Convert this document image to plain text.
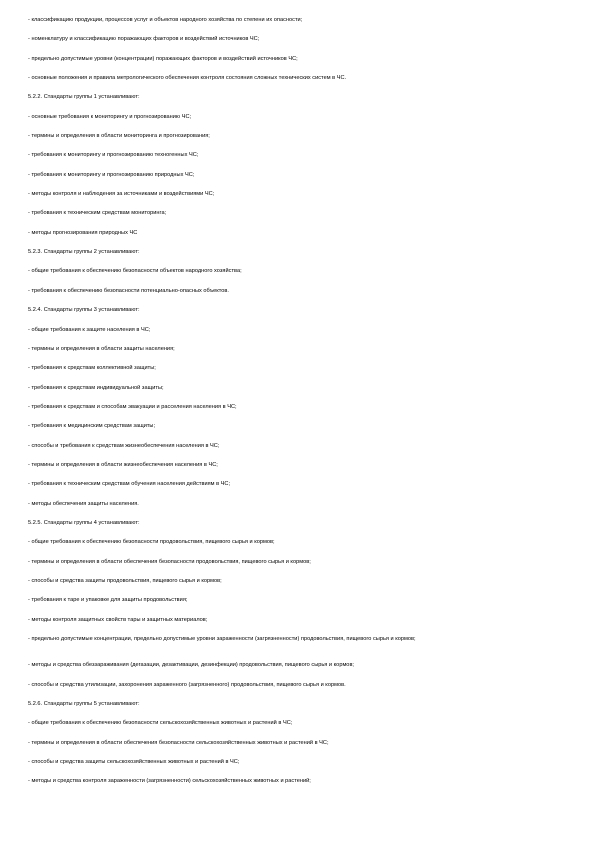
- классификацию продукции, процессов услуг и объектов народного хозяйства по степени их опасности;
- номенклатуру и классификацию поражающих факторов и воздействий источников ЧС;
- предельно допустимые уровни (концентрации) поражающих факторов и воздействий источников ЧС;
- основные положения и правила метрологического обеспечения контроля состояния сложных технических систем в ЧС.
5.2.2. Стандарты группы 1 устанавливают:
- основные требования к мониторингу и прогнозированию ЧС;
- термины и определения в области мониторинга и прогнозирования;
- требования к мониторингу и прогнозированию техногенных ЧС;
- требования к мониторингу и прогнозированию природных ЧС;
- методы контроля и наблюдения за источниками и воздействиями ЧС;
- требования к техническим средствам мониторинга;
- методы прогнозирования природных ЧС
5.2.3. Стандарты группы 2 устанавливают:
- общие требования к обеспечению безопасности объектов народного хозяйства;
- требования к обеспечению безопасности потенциально-опасных объектов.
5.2.4. Стандарты группы 3 устанавливают:
- общие требования к защите населения в ЧС;
- термины и определения в области защиты населения;
- требования к средствам коллективной защиты;
- требования к средствам индивидуальной защиты;
- требования к средствам и способам эвакуации и расселения населения в ЧС;
- требования к медицинским средствам защиты;
- способы и требования к средствам жизнеобеспечения населения в ЧС;
- термины и определения в области жизнеобеспечения населения в ЧС;
- требования к техническим средствам обучения населения действиям в ЧС;
- методы обеспечения защиты населения.
5.2.5. Стандарты группы 4 устанавливают:
- общие требования к обеспечению безопасности продовольствия, пищевого сырья и кормов;
- термины и определения в области обеспечения безопасности продовольствия, пищевого сырья и кормов;
- способы и средства защиты продовольствия, пищевого сырья и кормов;
- требования к таре и упаковке для защиты продовольствия;
- методы контроля защитных свойств тары и защитных материалов;
- предельно допустимые концентрации, предельно допустимые уровни зараженности (загрязненности) продовольствия, пищевого сырья и кормов;
- методы и средства обеззараживания (дегазации, дезактивации, дезинфекции) продовольствия, пищевого сырья и кормов;
- способы и средства утилизации, захоронения зараженного (загрязненного) продовольствия, пищевого сырья и кормов.
5.2.6. Стандарты группы 5 устанавливают:
- общие требования к обеспечению безопасности сельскохозяйственных животных и растений в ЧС;
- термины и определения в области обеспечения безопасности сельскохозяйственных животных и растений в ЧС;
- способы и средства защиты сельскохозяйственных животных и растений в ЧС;
- методы и средства контроля зараженности (загрязненности) сельскохозяйственных животных и растений;
